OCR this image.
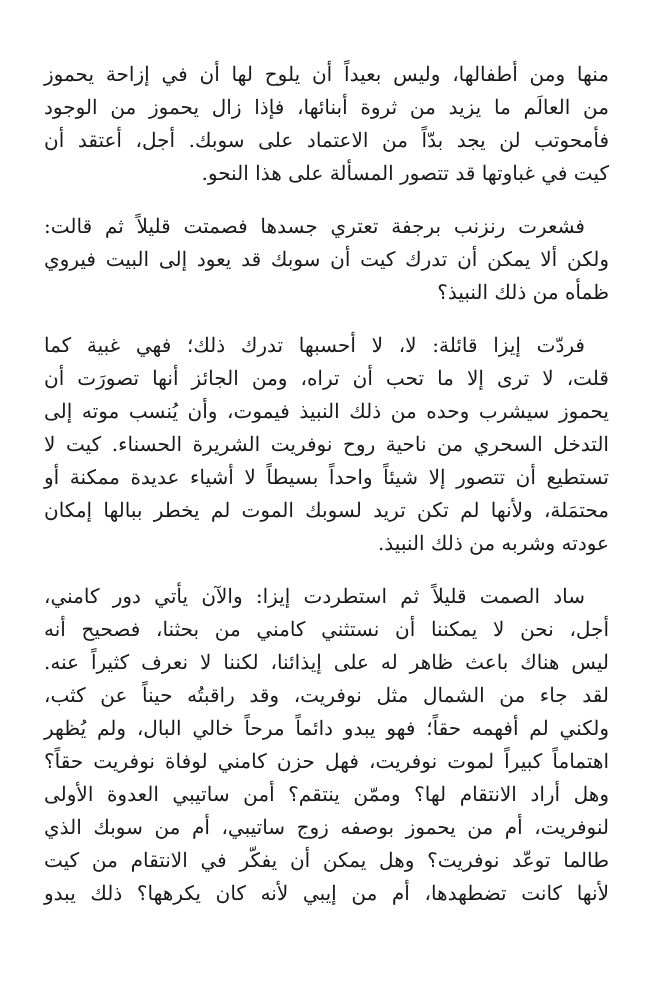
منها ومن أطفالها، وليس بعيداً أن يلوح لها أن في إزاحة يحموز
من العالَم ما يزيد من ثروة أبنائها، فإذا زال يحموز من الوجود
فأمحوتب لن يجد بدّاً من الاعتماد على سوبك. أجل، أعتقد أن
كيت في غباوتها قد تتصور المسألة على هذا النحو.

فشعرت رنزنب برجفة تعتري جسدها فصمتت قليلاً ثم قالت:
ولكن ألا يمكن أن تدرك كيت أن سوبك قد يعود إلى البيت فيروي
ظمأه من ذلك النبيذ؟

فردّت إيزا قائلة: لا، لا أحسبها تدرك ذلك؛ فهي غبية كما
قلت، لا ترى إلا ما تحب أن تراه، ومن الجائز أنها تصورَت أن
يحموز سيشرب وحده من ذلك النبيذ فيموت، وأن يُنسب موته إلى
التدخل السحري من ناحية روح نوفريت الشريرة الحسناء. كيت لا
تستطيع أن تتصور إلا شيئاً واحداً بسيطاً لا أشياء عديدة ممكنة أو
محتمَلة، ولأنها لم تكن تريد لسوبك الموت لم يخطر ببالها إمكان
عودته وشربه من ذلك النبيذ.

ساد الصمت قليلاً ثم استطردت إيزا: والآن يأتي دور كامني،
أجل، نحن لا يمكننا أن نستثني كامني من بحثنا، فصحيح أنه
ليس هناك باعث ظاهر له على إيذائنا، لكننا لا نعرف كثيراً عنه.
لقد جاء من الشمال مثل نوفريت، وقد راقبتُه حيناً عن كثب،
ولكني لم أفهمه حقاً؛ فهو يبدو دائماً مرحاً خالي البال، ولم يُظهر
اهتماماً كبيراً لموت نوفريت، فهل حزن كامني لوفاة نوفريت حقاً؟
وهل أراد الانتقام لها؟ وممّن ينتقم؟ أمن ساتيبي العدوة الأولى
لنوفريت، أم من يحموز بوصفه زوج ساتيبي، أم من سوبك الذي
طالما توعّد نوفريت؟ وهل يمكن أن يفكّر في الانتقام من كيت
لأنها كانت تضطهدها، أم من إيبي لأنه كان يكرهها؟ ذلك يبدو
